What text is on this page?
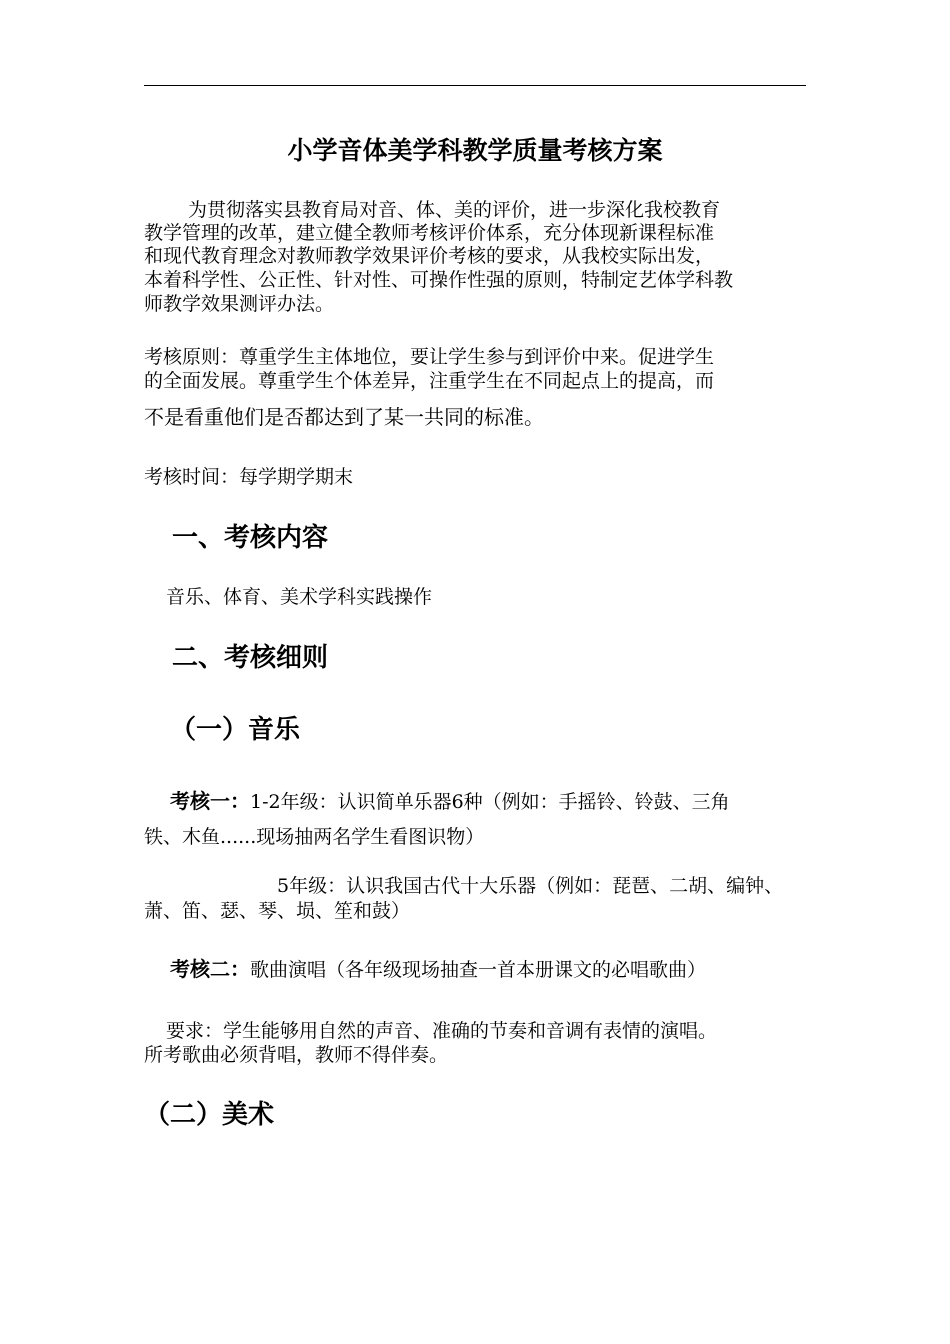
小学音体美学科教学质量考核方案

为贯彻落实县教育局对音、体、美的评价，进一步深化我校教育

教学管理的改革，建立健全教师考核评价体系，充分体现新课程标准

和现代教育理念对教师教学效果评价考核的要求，从我校实际出发，

本着科学性、公正性、针对性、可操作性强的原则，特制定艺体学科教

师教学效果测评办法。

考核原则：尊重学生主体地位，要让学生参与到评价中来。促进学生

的全面发展。尊重学生个体差异，注重学生在不同起点上的提高，而

不是看重他们是否都达到了某一共同的标准。

考核时间：每学期学期末

一、考核内容

音乐、体育、美术学科实践操作

二、考核细则
（一）音乐

考核一：1-2年级：认识简单乐器6种（例如：手摇铃、铃鼓、三角

铁、木鱼......现场抽两名学生看图识物）

5年级：认识我国古代十大乐器（例如：琵琶、二胡、编钟、

萧、笛、瑟、琴、埙、笙和鼓）

考核二：歌曲演唱（各年级现场抽查一首本册课文的必唱歌曲）

要求：学生能够用自然的声音、准确的节奏和音调有表情的演唱。

所考歌曲必须背唱，教师不得伴奏。

（二）美术
